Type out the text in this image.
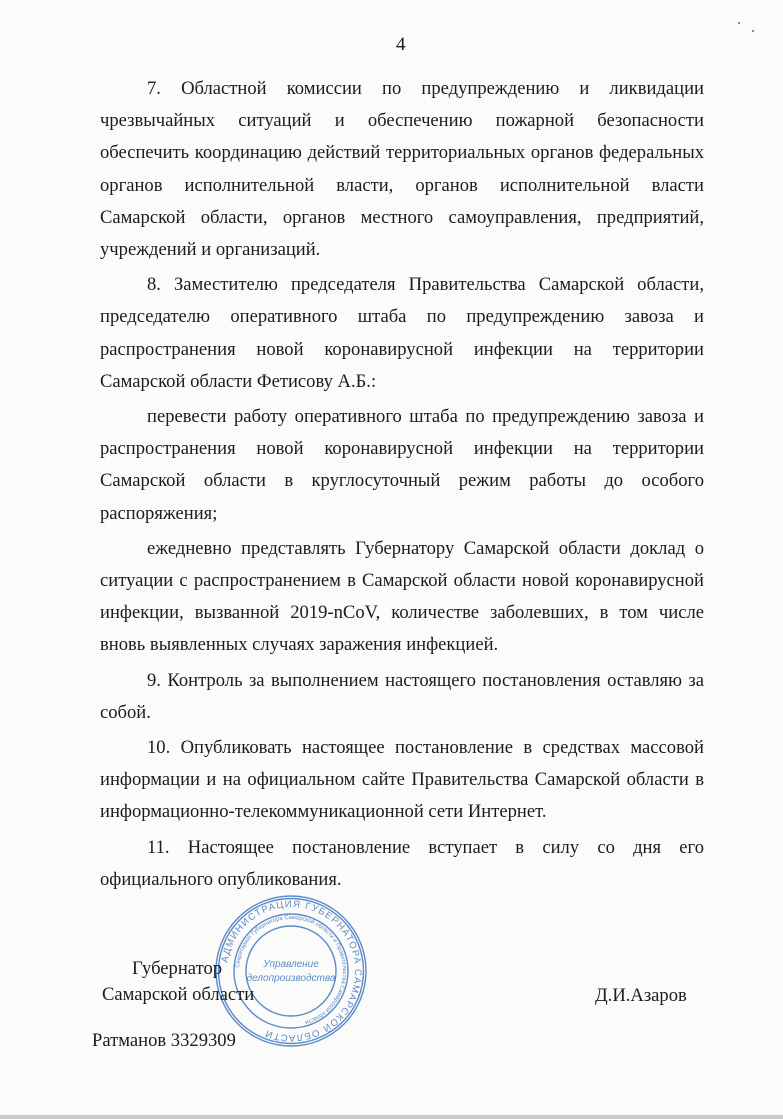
4

7. Областной комиссии по предупреждению и ликвидации чрезвычайных ситуаций и обеспечению пожарной безопасности обеспечить координацию действий территориальных органов федеральных органов исполнительной власти, органов исполнительной власти Самарской области, органов местного самоуправления, предприятий, учреждений и организаций.

8. Заместителю председателя Правительства Самарской области, председателю оперативного штаба по предупреждению завоза и распространения новой коронавирусной инфекции на территории Самарской области Фетисову А.Б.:

перевести работу оперативного штаба по предупреждению завоза и распространения новой коронавирусной инфекции на территории Самарской области в круглосуточный режим работы до особого распоряжения;

ежедневно представлять Губернатору Самарской области доклад о ситуации с распространением в Самарской области новой коронавирусной инфекции, вызванной 2019-nCoV, количестве заболевших, в том числе вновь выявленных случаях заражения инфекцией.

9. Контроль за выполнением настоящего постановления оставляю за собой.

10. Опубликовать настоящее постановление в средствах массовой информации и на официальном сайте Правительства Самарской области в информационно-телекоммуникационной сети Интернет.

11. Настоящее постановление вступает в силу со дня его официального опубликования.

АДМИНИСТРАЦИЯ ГУБЕРНАТОРА САМАРСКОЙ ОБЛАСТИ
Секретариат Губернатора Самарской области и Правительства Самарской области
Управление
делопроизводства
Губернатор
Самарской области	Д.И.Азаров
Ратманов 3329309
